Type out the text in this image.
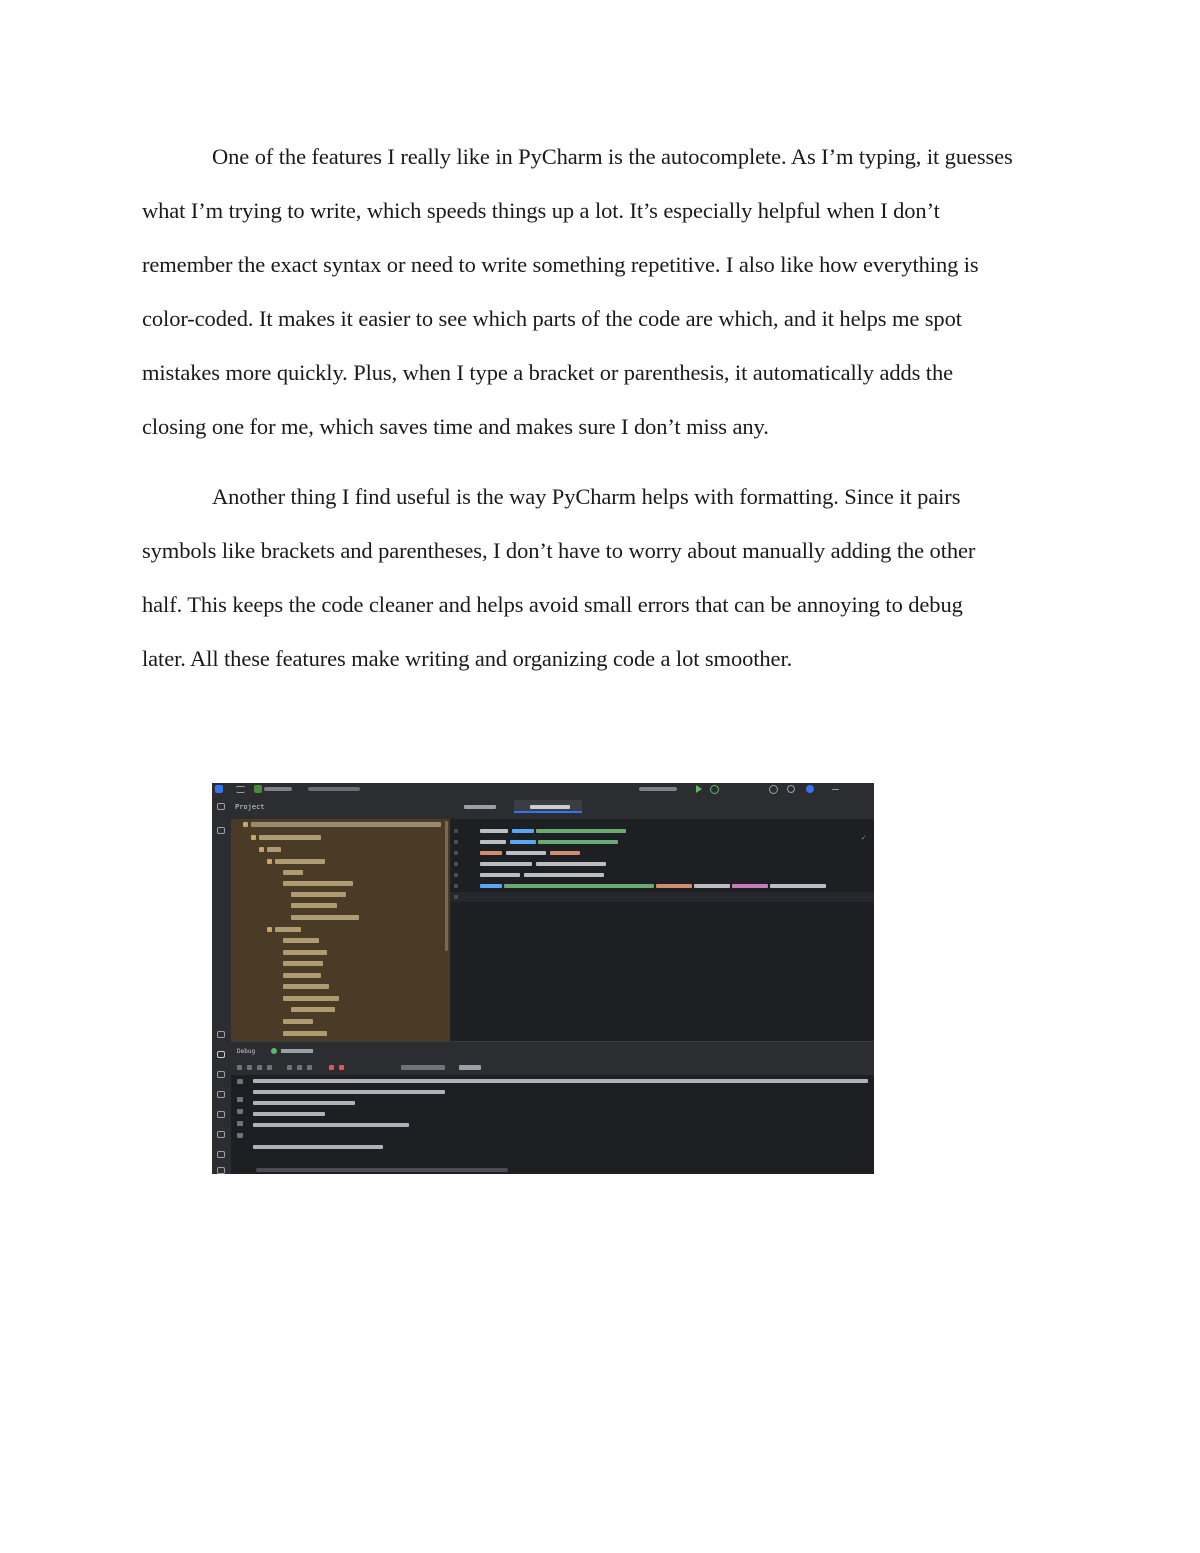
One of the features I really like in PyCharm is the autocomplete. As I’m typing, it guesses
what I’m trying to write, which speeds things up a lot. It’s especially helpful when I don’t
remember the exact syntax or need to write something repetitive. I also like how everything is
color-coded. It makes it easier to see which parts of the code are which, and it helps me spot
mistakes more quickly. Plus, when I type a bracket or parenthesis, it automatically adds the
closing one for me, which saves time and makes sure I don’t miss any.

Another thing I find useful is the way PyCharm helps with formatting. Since it pairs
symbols like brackets and parentheses, I don’t have to worry about manually adding the other
half. This keeps the code cleaner and helps avoid small errors that can be annoying to debug
later. All these features make writing and organizing code a lot smoother.

Project
✓
Debug
